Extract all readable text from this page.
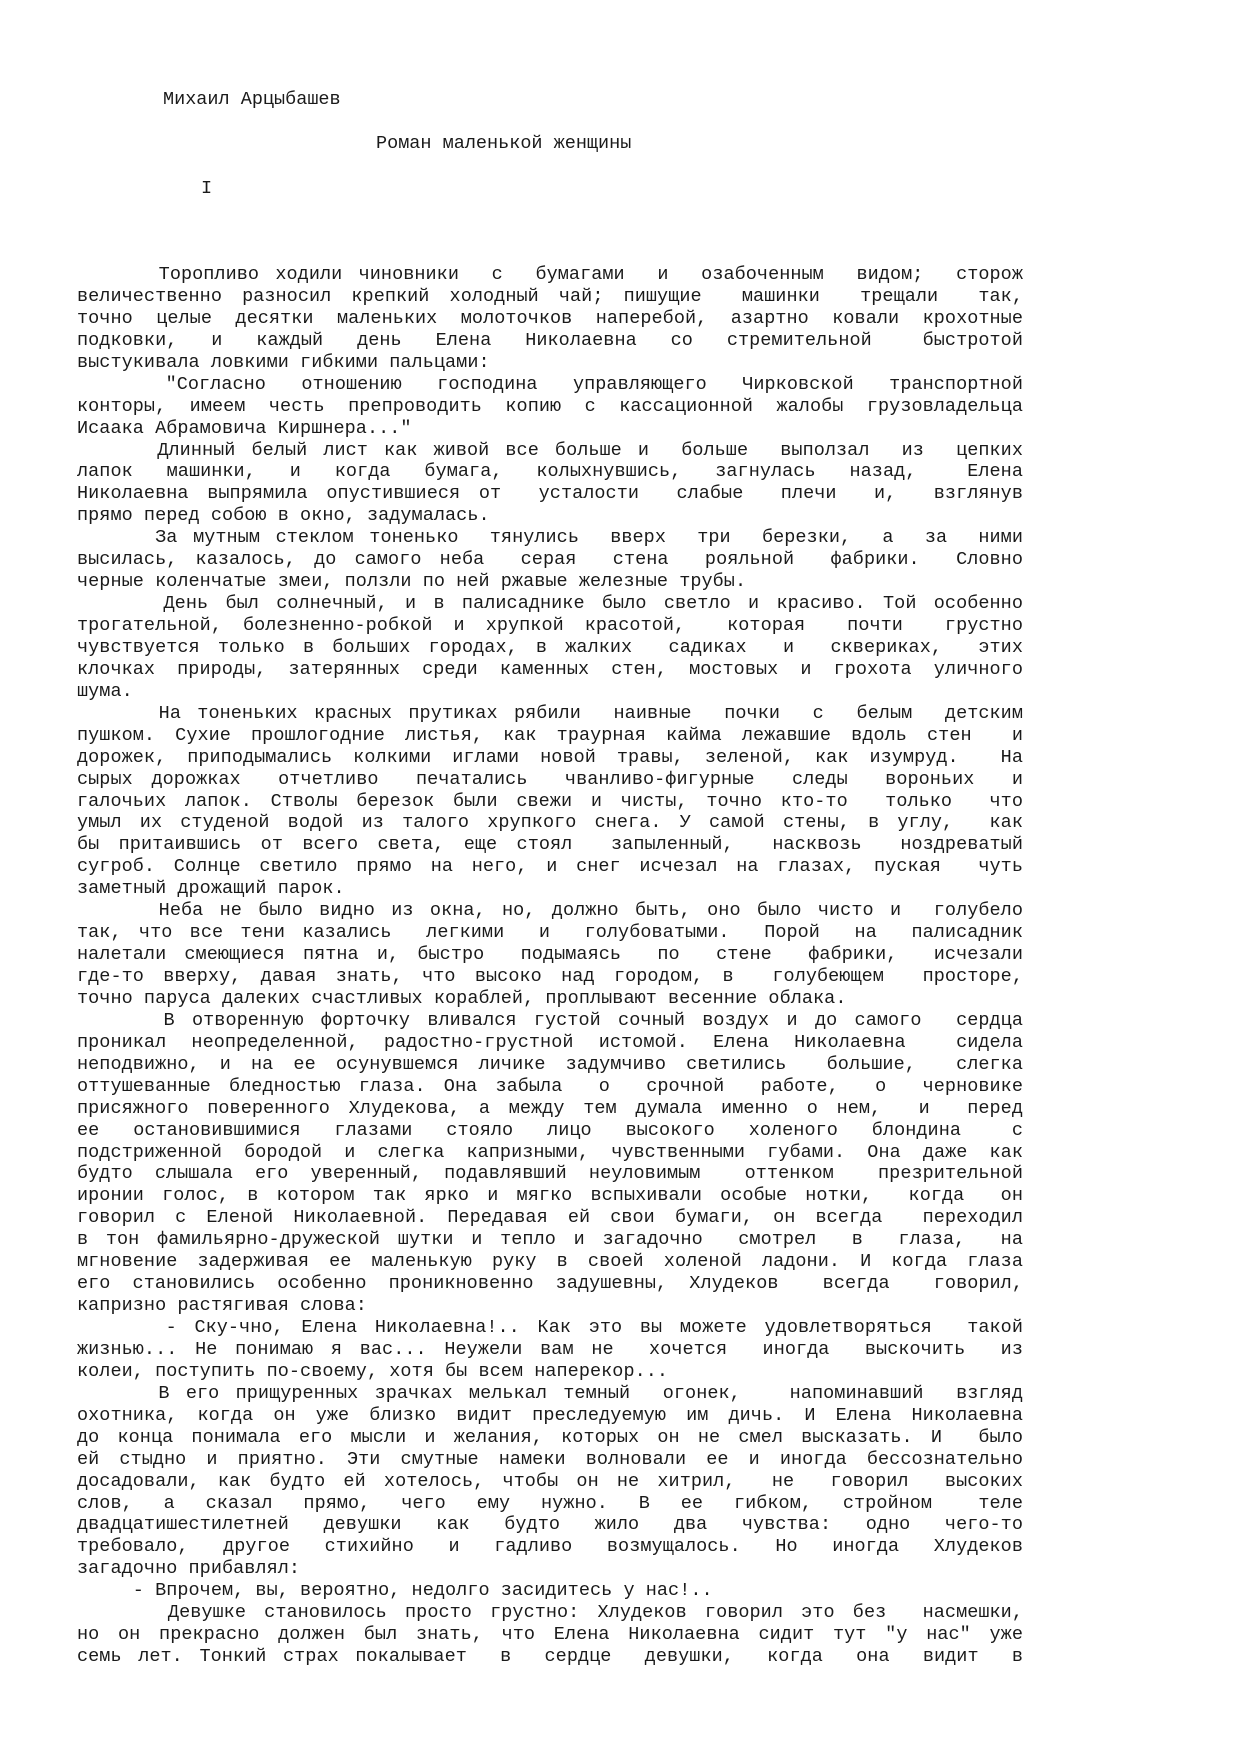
Михаил Арцыбашев
Роман маленькой женщины
I
Торопливо ходили чиновники  с  бумагами  и  озабоченным  видом;  сторож
величественно разносил крепкий холодный чай; пишущие  машинки  трещали  так,
точно целые десятки маленьких молоточков наперебой, азартно ковали крохотные
подковки,  и  каждый  день  Елена  Николаевна  со  стремительной   быстротой
выстукивала ловкими гибкими пальцами:
"Согласно  отношению  господина  управляющего  Чирковской  транспортной
конторы, имеем честь препроводить копию с кассационной жалобы грузовладельца
Исаака Абрамовича Киршнера..."
Длинный белый лист как живой все больше и  больше  выползал  из  цепких
лапок  машинки,  и  когда  бумага,  колыхнувшись,  загнулась  назад,   Елена
Николаевна выпрямила опустившиеся от  усталости  слабые  плечи  и,  взглянув
прямо перед собою в окно, задумалась.
За мутным стеклом тоненько  тянулись  вверх  три  березки,  а  за  ними
высилась, казалось, до самого неба  серая  стена  рояльной  фабрики.  Словно
черные коленчатые змеи, ползли по ней ржавые железные трубы.
День был солнечный, и в палисаднике было светло и красиво. Той особенно
трогательной, болезненно-робкой и хрупкой красотой,  которая  почти  грустно
чувствуется только в больших городах, в жалких  садиках  и  сквериках,  этих
клочках природы, затерянных среди каменных стен, мостовых и грохота уличного
шума.
На тоненьких красных прутиках рябили  наивные  почки  с  белым  детским
пушком. Сухие прошлогодние листья, как траурная кайма лежавшие вдоль стен  и
дорожек, приподымались колкими иглами новой травы, зеленой, как изумруд.  На
сырых дорожках  отчетливо  печатались  чванливо-фигурные  следы  вороньих  и
галочьих лапок. Стволы березок были свежи и чисты, точно кто-то  только  что
умыл их студеной водой из талого хрупкого снега. У самой стены, в углу,  как
бы притаившись от всего света, еще стоял  запыленный,  насквозь  ноздреватый
сугроб. Солнце светило прямо на него, и снег исчезал на глазах, пуская  чуть
заметный дрожащий парок.
Неба не было видно из окна, но, должно быть, оно было чисто и  голубело
так, что все тени казались  легкими  и  голубоватыми.  Порой  на  палисадник
налетали смеющиеся пятна и, быстро  подымаясь  по  стене  фабрики,  исчезали
где-то вверху, давая знать, что высоко над городом, в  голубеющем  просторе,
точно паруса далеких счастливых кораблей, проплывают весенние облака.
В отворенную форточку вливался густой сочный воздух и до самого  сердца
проникал неопределенной, радостно-грустной истомой. Елена Николаевна  сидела
неподвижно, и на ее осунувшемся личике задумчиво светились  большие,  слегка
оттушеванные бледностью глаза. Она забыла  о  срочной  работе,  о  черновике
присяжного поверенного Хлудекова, а между тем думала именно о нем,  и  перед
ее  остановившимися  глазами  стояло  лицо  высокого  холеного  блондина   с
подстриженной бородой и слегка капризными, чувственными губами. Она даже как
будто слышала его уверенный, подавлявший неуловимым  оттенком  презрительной
иронии голос, в котором так ярко и мягко вспыхивали особые нотки,  когда  он
говорил с Еленой Николаевной. Передавая ей свои бумаги, он всегда  переходил
в тон фамильярно-дружеской шутки и тепло и загадочно  смотрел  в  глаза,  на
мгновение задерживая ее маленькую руку в своей холеной ладони. И когда глаза
его становились особенно проникновенно задушевны, Хлудеков  всегда  говорил,
капризно растягивая слова:
- Ску-чно, Елена Николаевна!.. Как это вы можете удовлетворяться  такой
жизнью... Не понимаю я вас... Неужели вам не  хочется  иногда  выскочить  из
колеи, поступить по-своему, хотя бы всем наперекор...
В его прищуренных зрачках мелькал темный  огонек,   напоминавший  взгляд
охотника, когда он уже близко видит преследуемую им дичь. И Елена Николаевна
до конца понимала его мысли и желания, которых он не смел высказать. И  было
ей стыдно и приятно. Эти смутные намеки волновали ее и иногда бессознательно
досадовали, как будто ей хотелось, чтобы он не хитрил,  не  говорил  высоких
слов,  а  сказал  прямо,  чего  ему  нужно.  В  ее  гибком,  стройном   теле
двадцатишестилетней  девушки  как  будто  жило  два  чувства:  одно  чего-то
требовало,  другое  стихийно  и  гадливо  возмущалось.  Но  иногда  Хлудеков
загадочно прибавлял:
- Впрочем, вы, вероятно, недолго засидитесь у нас!..
Девушке становилось просто грустно: Хлудеков говорил это без  насмешки,
но он прекрасно должен был знать, что Елена Николаевна сидит тут "у нас" уже
семь лет. Тонкий страх покалывает  в  сердце  девушки,  когда  она  видит  в
